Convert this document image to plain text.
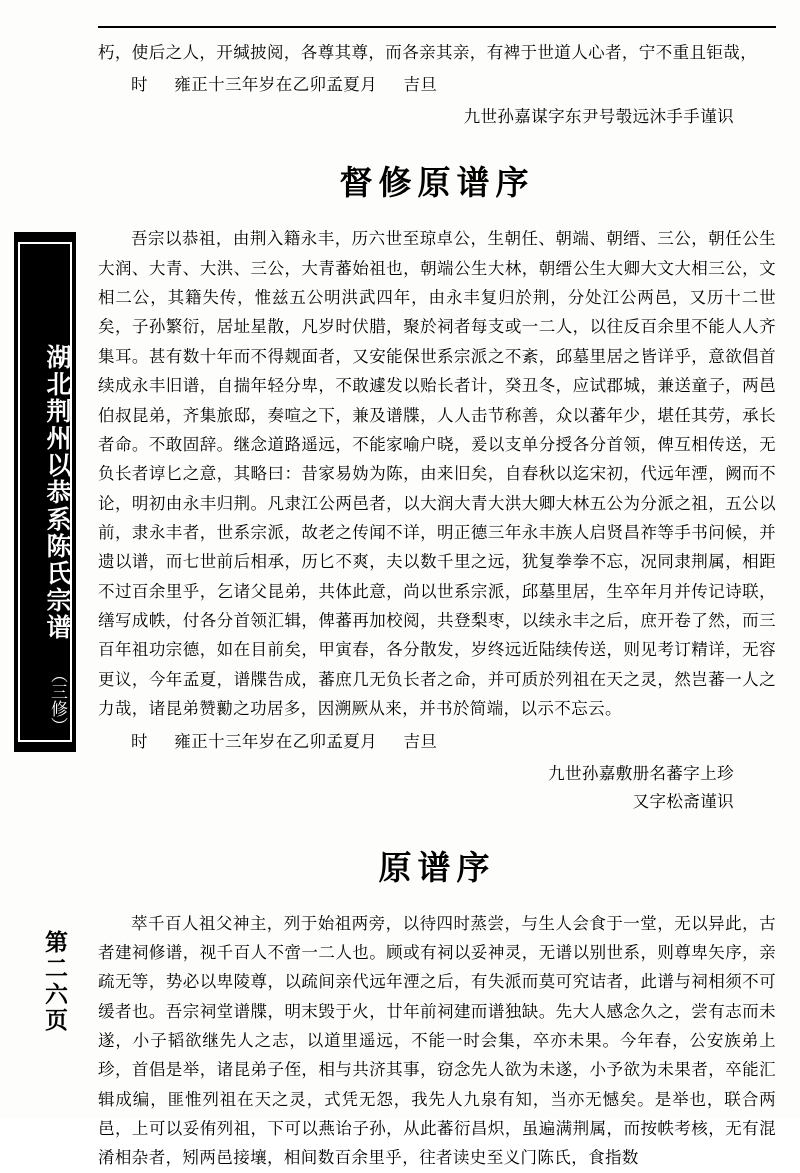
湖北荆州以恭系陈氏宗谱
（三修）
第二六页

朽，使后之人，开缄披阅，各尊其尊，而各亲其亲，有裨于世道人心者，宁不重且钜哉，

时 雍正十三年岁在乙卯孟夏月 吉旦

九世孙嘉谋字东尹号彀远沐手手谨识
督修原谱序

吾宗以恭祖，由荆入籍永丰，历六世至琼卓公，生朝任、朝端、朝缙、三公，朝任公生大润、大青、大洪、三公，大青蕃始祖也，朝端公生大林，朝缙公生大卿大文大相三公，文相二公，其籍失传，惟兹五公明洪武四年，由永丰复归於荆，分处江公两邑，又历十二世矣，子孙繁衍，居址星散，凡岁时伏腊，聚於祠者每支或一二人，以往反百余里不能人人齐集耳。甚有数十年而不得觌面者，又安能保世系宗派之不紊，邱墓里居之皆详乎，意欲倡首续成永丰旧谱，自揣年轻分卑，不敢遽发以贻长者计，癸丑冬，应试郡城，兼送童子，两邑伯叔昆弟，齐集旅邸，奏喧之下，兼及谱牒，人人击节称善，众以蕃年少，堪任其劳，承长者命。不敢固辞。继念道路遥远，不能家喻户晓，爰以支单分授各分首领，俾互相传送，无负长者谆匕之意，其略曰：昔家易妫为陈，由来旧矣，自春秋以迄宋初，代远年湮，阙而不论，明初由永丰归荆。凡隶江公两邑者，以大润大青大洪大卿大林五公为分派之祖，五公以前，隶永丰者，世系宗派，故老之传闻不详，明正德三年永丰族人启贤昌祚等手书问候，并遗以谱，而七世前后相承，历匕不爽，夫以数千里之远，犹复拳拳不忘，况同隶荆属，相距不过百余里乎，乞诸父昆弟，共体此意，尚以世系宗派，邱墓里居，生卒年月并传记诗联，缮写成帙，付各分首领汇辑，俾蕃再加校阅，共登梨枣，以续永丰之后，庶开卷了然，而三百年祖功宗德，如在目前矣，甲寅春，各分散发，岁终远近陆续传送，则见考订精详，无容更议，今年孟夏，谱牒告成，蕃庶几无负长者之命，并可质於列祖在天之灵，然岂蕃一人之力哉，诸昆弟赞勷之功居多，因溯厥从来，并书於简端，以示不忘云。

时 雍正十三年岁在乙卯孟夏月 吉旦

九世孙嘉敷册名蕃字上珍
又字松斋谨识
原谱序

萃千百人祖父神主，列于始祖两旁，以待四时蒸尝，与生人会食于一堂，无以异此，古者建祠修谱，视千百人不啻一二人也。顾或有祠以妥神灵，无谱以别世系，则尊卑矢序，亲疏无等，势必以卑陵尊，以疏间亲代远年湮之后，有失派而莫可究诘者，此谱与祠相须不可缓者也。吾宗祠堂谱牒，明末毁于火，廿年前祠建而谱独缺。先大人感念久之，尝有志而未遂，小子韬欲继先人之志，以道里遥远，不能一时会集，卒亦未果。今年春，公安族弟上珍，首倡是举，诸昆弟子侄，相与共济其事，窃念先人欲为未遂，小予欲为未果者，卒能汇辑成编，匪惟列祖在天之灵，式凭无怨，我先人九泉有知，当亦无憾矣。是举也，联合两邑，上可以妥侑列祖，下可以燕诒子孙，从此蕃衍昌炽，虽遍满荆属，而按帙考核，无有混淆相杂者，矧两邑接壤，相间数百余里乎，往者读史至义门陈氏，食指数
